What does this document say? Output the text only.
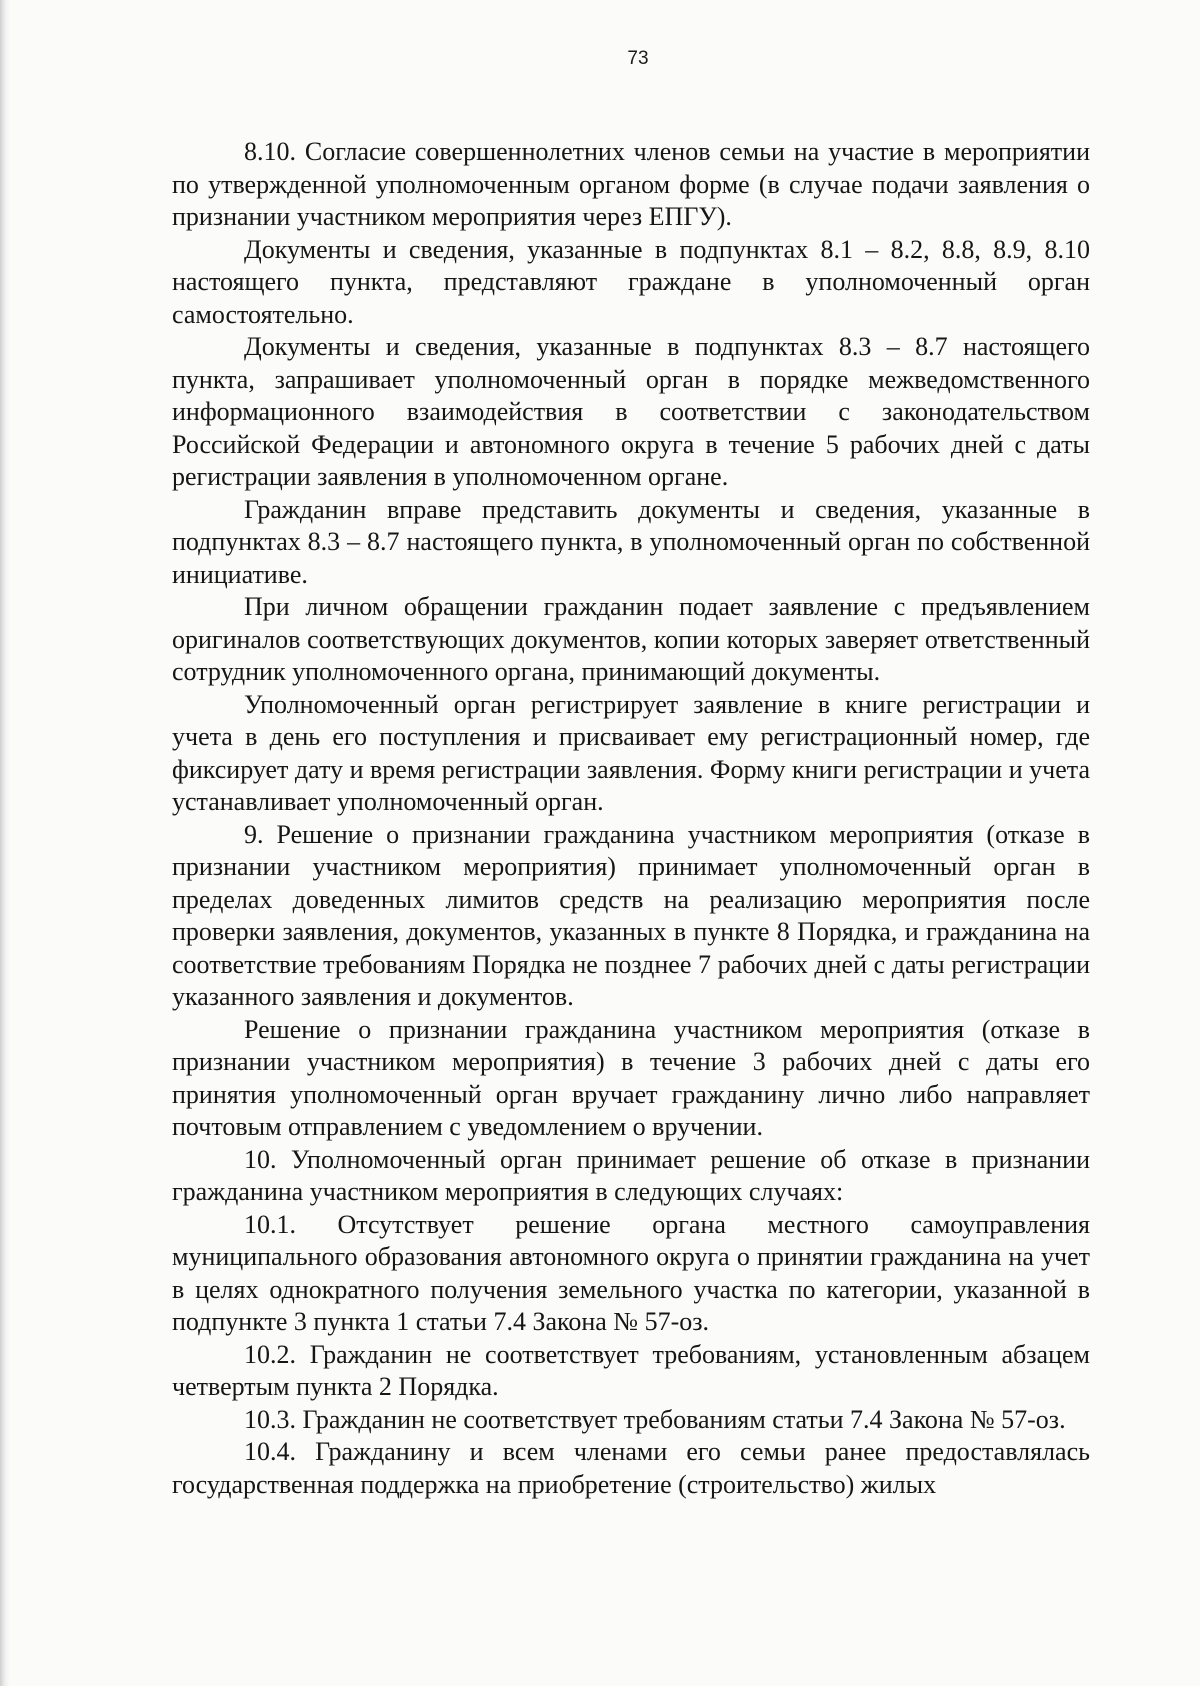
73

8.10. Согласие совершеннолетних членов семьи на участие в мероприятии по утвержденной уполномоченным органом форме (в случае подачи заявления о признании участником мероприятия через ЕПГУ).

Документы и сведения, указанные в подпунктах 8.1 – 8.2, 8.8, 8.9, 8.10 настоящего пункта, представляют граждане в уполномоченный орган самостоятельно.

Документы и сведения, указанные в подпунктах 8.3 – 8.7 настоящего пункта, запрашивает уполномоченный орган в порядке межведомственного информационного взаимодействия в соответствии с законодательством Российской Федерации и автономного округа в течение 5 рабочих дней с даты регистрации заявления в уполномоченном органе.

Гражданин вправе представить документы и сведения, указанные в подпунктах 8.3 – 8.7 настоящего пункта, в уполномоченный орган по собственной инициативе.

При личном обращении гражданин подает заявление с предъявлением оригиналов соответствующих документов, копии которых заверяет ответственный сотрудник уполномоченного органа, принимающий документы.

Уполномоченный орган регистрирует заявление в книге регистрации и учета в день его поступления и присваивает ему регистрационный номер, где фиксирует дату и время регистрации заявления. Форму книги регистрации и учета устанавливает уполномоченный орган.

9. Решение о признании гражданина участником мероприятия (отказе в признании участником мероприятия) принимает уполномоченный орган в пределах доведенных лимитов средств на реализацию мероприятия после проверки заявления, документов, указанных в пункте 8 Порядка, и гражданина на соответствие требованиям Порядка не позднее 7 рабочих дней с даты регистрации указанного заявления и документов.

Решение о признании гражданина участником мероприятия (отказе в признании участником мероприятия) в течение 3 рабочих дней с даты его принятия уполномоченный орган вручает гражданину лично либо направляет почтовым отправлением с уведомлением о вручении.

10. Уполномоченный орган принимает решение об отказе в признании гражданина участником мероприятия в следующих случаях:

10.1. Отсутствует решение органа местного самоуправления муниципального образования автономного округа о принятии гражданина на учет в целях однократного получения земельного участка по категории, указанной в подпункте 3 пункта 1 статьи 7.4 Закона № 57-оз.

10.2. Гражданин не соответствует требованиям, установленным абзацем четвертым пункта 2 Порядка.

10.3. Гражданин не соответствует требованиям статьи 7.4 Закона № 57-оз.

10.4. Гражданину и всем членами его семьи ранее предоставлялась государственная поддержка на приобретение (строительство) жилых
